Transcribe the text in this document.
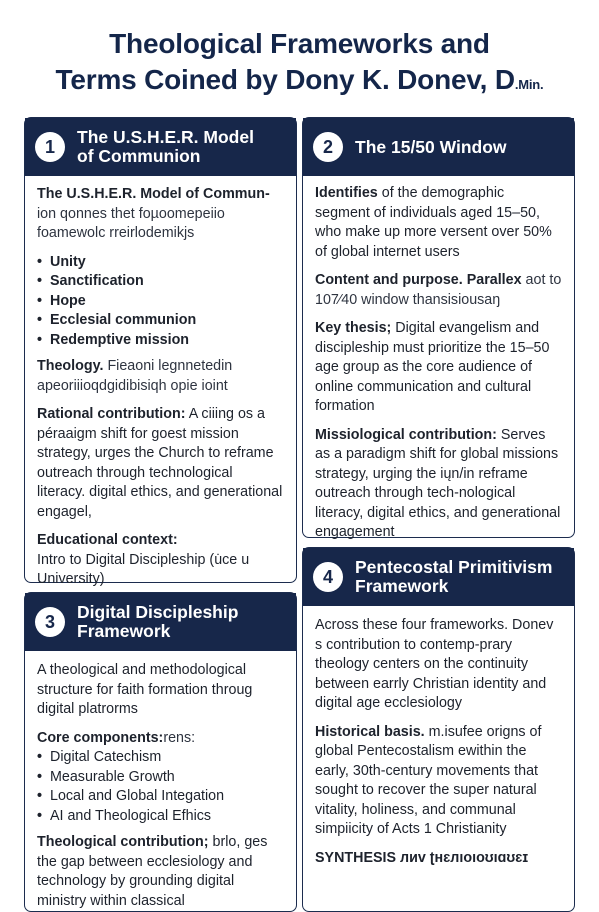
Theological Frameworks and
Terms Coined by Dony K. Donev, D.Min.
1	The U.S.H.E.R. Model
of Communion

The U.S.H.E.R. Model of Commun-
ion qonnes thet foµoomepeiio foamewolc rreirlodemikjs

• Unity
• Sanctification
• Hope
• Ecclesial communion
• Redemptive mission

Theology. Fieaoni legnnetedin apeoriiioqdgidibisiqh opie ioint

Rational contribution: A ciiing os a péraaigm shift for goest mission strategy, urges the Church to reframe outreach through technological literacy. digital ethics, and generational engagel,

Educational context:
Intro to Digital Discipleship (u̇ce u University)

2	The 15/50 Window

Identifies of the demographic segment of individuals aged 15–50, who make up more versent over 50% of global internet users

Content and purpose. Parallex aot to 107⁄40 window thansisiousaŋ

Key thesis; Digital evangelism and discipleship must prioritize the 15–50 age group as the core audience of online communication and cultural formation

Missiological contribution: Serves as a paradigm shift for global missions strategy, urging the iųn/in reframe outreach through tech-nological literacy, digital ethics, and generational engagement

3	Digital Discipleship
Framework

A theological and methodological structure for faith formation throug digital platrorms

Core components:rens:

• Digital Catechism
• Measurable Growth
• Local and Global Integation
• AI and Theological Efhics

Theological contribution; brlo, ges the gap between ecclesiology and technology by grounding digital ministry within classical

4	Pentecostal Primitivism
Framework

Across these four frameworks. Donev s contribution to contemp-prary theology centers on the continuity between earrly Christian identity and digital age ecclesiology

Historical basis. m.isufee origns of global Pentecostalism ewithin the early, 30th-century movements that sought to recover the super natural vitality, holiness, and communal simpiicity of Acts 1 Christianity

SYNTHESIS лиv ʈнɛлıоıоʊıɑʊɛɪ
